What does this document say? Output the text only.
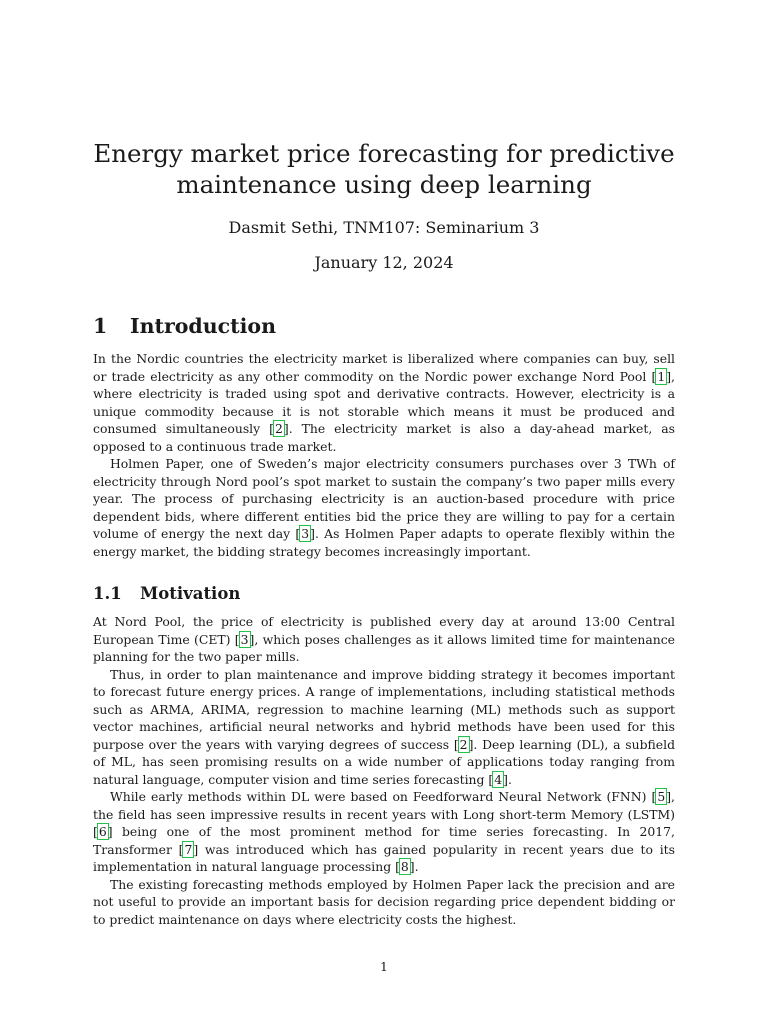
Energy market price forecasting for predictive
maintenance using deep learning

Dasmit Sethi, TNM107: Seminarium 3

January 12, 2024

1 Introduction

In the Nordic countries the electricity market is liberalized where companies can buy, sell or trade electricity as any other commodity on the Nordic power exchange Nord Pool [1], where electricity is traded using spot and derivative contracts. However, electricity is a unique commodity because it is not storable which means it must be produced and consumed simultaneously [2]. The electricity market is also a day-ahead market, as opposed to a continuous trade market.

Holmen Paper, one of Sweden’s major electricity consumers purchases over 3 TWh of electricity through Nord pool’s spot market to sustain the company’s two paper mills every year. The process of purchasing electricity is an auction-based procedure with price dependent bids, where different entities bid the price they are willing to pay for a certain volume of energy the next day [3]. As Holmen Paper adapts to operate flexibly within the energy market, the bidding strategy becomes increasingly important.

1.1 Motivation

At Nord Pool, the price of electricity is published every day at around 13:00 Central European Time (CET) [3], which poses challenges as it allows limited time for maintenance planning for the two paper mills.

Thus, in order to plan maintenance and improve bidding strategy it becomes important to forecast future energy prices. A range of implementations, including statistical methods such as ARMA, ARIMA, regression to machine learning (ML) methods such as support vector machines, artificial neural networks and hybrid methods have been used for this purpose over the years with varying degrees of success [2]. Deep learning (DL), a subfield of ML, has seen promising results on a wide number of applications today ranging from natural language, computer vision and time series forecasting [4].

While early methods within DL were based on Feedforward Neural Network (FNN) [5], the field has seen impressive results in recent years with Long short-term Memory (LSTM) [6] being one of the most prominent method for time series forecasting. In 2017, Transformer [7] was introduced which has gained popularity in recent years due to its implementation in natural language processing [8].

The existing forecasting methods employed by Holmen Paper lack the precision and are not useful to provide an important basis for decision regarding price dependent bidding or to predict maintenance on days where electricity costs the highest.

1
